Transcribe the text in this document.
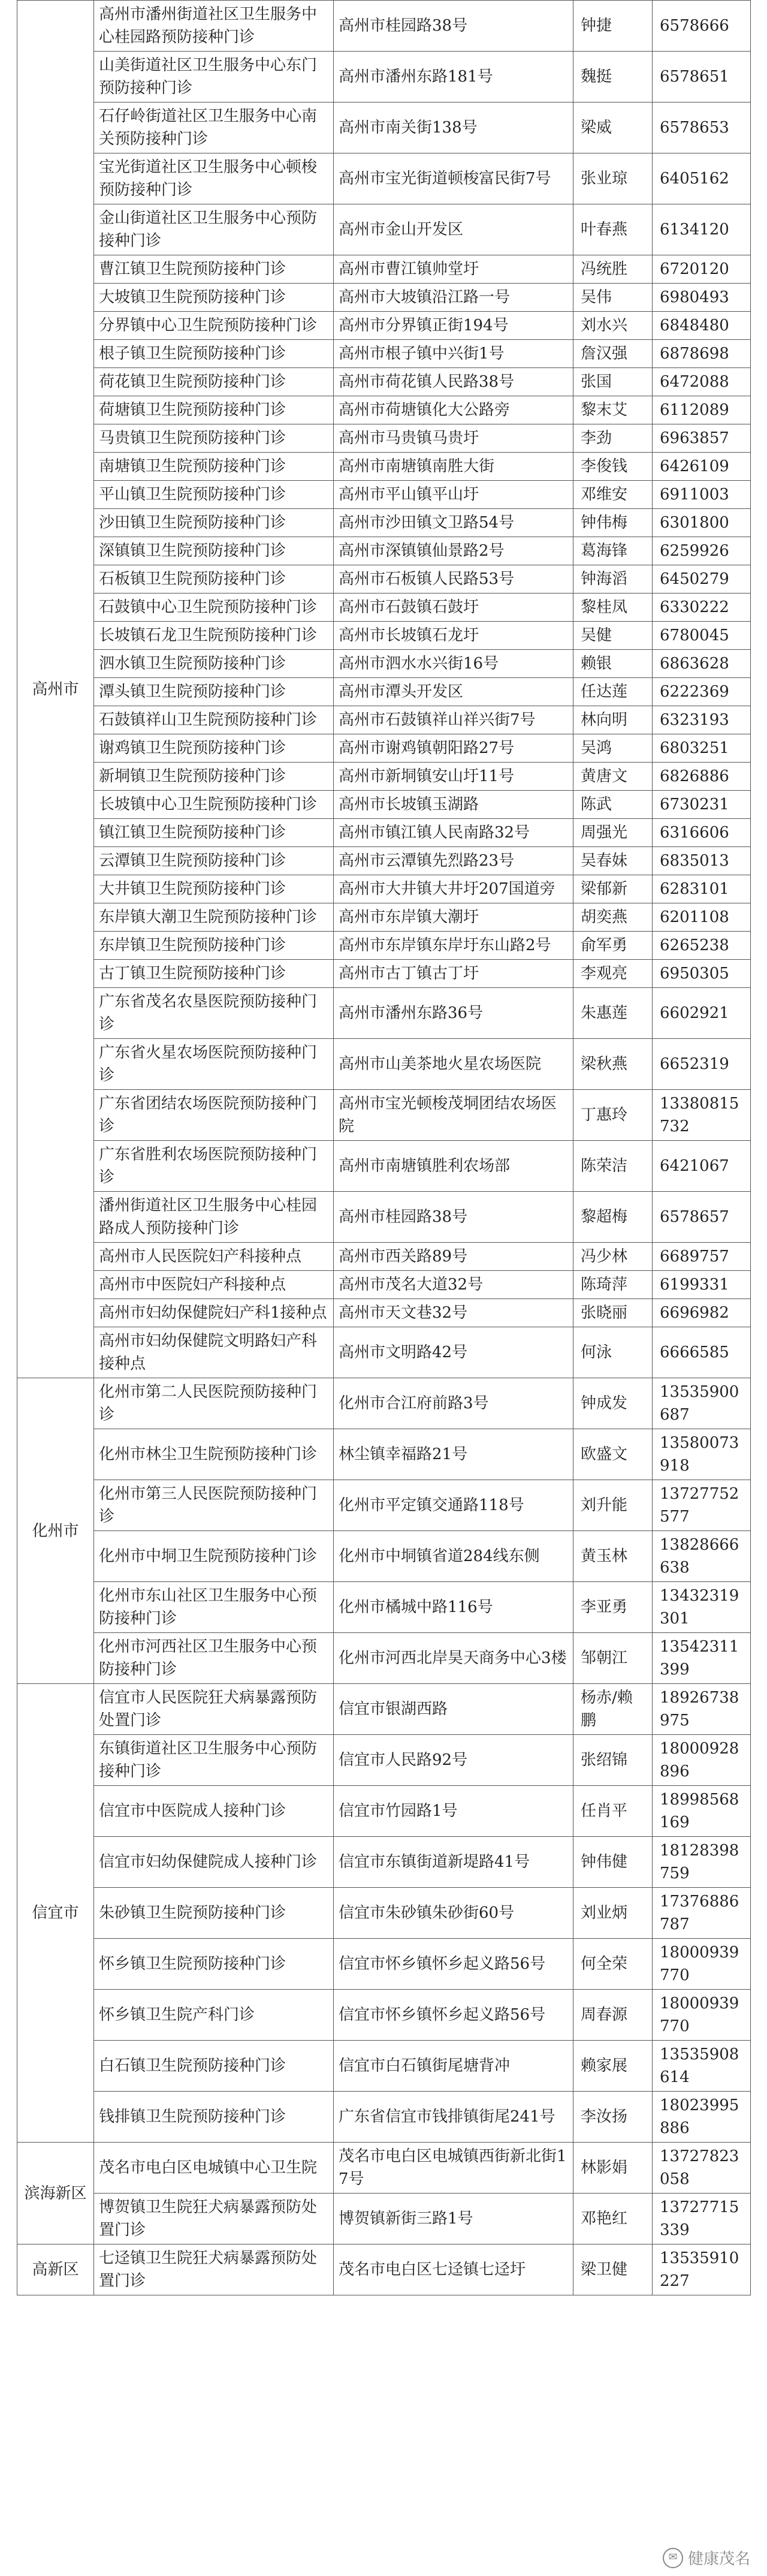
高州市	高州市潘州街道社区卫生服务中心桂园路预防接种门诊	高州市桂园路38号	钟捷	6578666
	山美街道社区卫生服务中心东门预防接种门诊	高州市潘州东路181号	魏挺	6578651
	石仔岭街道社区卫生服务中心南关预防接种门诊	高州市南关街138号	梁威	6578653
	宝光街道社区卫生服务中心顿梭预防接种门诊	高州市宝光街道顿梭富民街7号	张业琼	6405162
	金山街道社区卫生服务中心预防接种门诊	高州市金山开发区	叶春燕	6134120
	曹江镇卫生院预防接种门诊	高州市曹江镇帅堂圩	冯统胜	6720120
	大坡镇卫生院预防接种门诊	高州市大坡镇沿江路一号	吴伟	6980493
	分界镇中心卫生院预防接种门诊	高州市分界镇正街194号	刘水兴	6848480
	根子镇卫生院预防接种门诊	高州市根子镇中兴街1号	詹汉强	6878698
	荷花镇卫生院预防接种门诊	高州市荷花镇人民路38号	张国	6472088
	荷塘镇卫生院预防接种门诊	高州市荷塘镇化大公路旁	黎末艾	6112089
	马贵镇卫生院预防接种门诊	高州市马贵镇马贵圩	李劲	6963857
	南塘镇卫生院预防接种门诊	高州市南塘镇南胜大街	李俊钱	6426109
	平山镇卫生院预防接种门诊	高州市平山镇平山圩	邓维安	6911003
	沙田镇卫生院预防接种门诊	高州市沙田镇文卫路54号	钟伟梅	6301800
	深镇镇卫生院预防接种门诊	高州市深镇镇仙景路2号	葛海锋	6259926
	石板镇卫生院预防接种门诊	高州市石板镇人民路53号	钟海滔	6450279
	石鼓镇中心卫生院预防接种门诊	高州市石鼓镇石鼓圩	黎桂凤	6330222
	长坡镇石龙卫生院预防接种门诊	高州市长坡镇石龙圩	吴健	6780045
	泗水镇卫生院预防接种门诊	高州市泗水水兴街16号	赖银	6863628
	潭头镇卫生院预防接种门诊	高州市潭头开发区	任达莲	6222369
	石鼓镇祥山卫生院预防接种门诊	高州市石鼓镇祥山祥兴街7号	林向明	6323193
	谢鸡镇卫生院预防接种门诊	高州市谢鸡镇朝阳路27号	吴鸿	6803251
	新垌镇卫生院预防接种门诊	高州市新垌镇安山圩11号	黄唐文	6826886
	长坡镇中心卫生院预防接种门诊	高州市长坡镇玉湖路	陈武	6730231
	镇江镇卫生院预防接种门诊	高州市镇江镇人民南路32号	周强光	6316606
	云潭镇卫生院预防接种门诊	高州市云潭镇先烈路23号	吴春妹	6835013
	大井镇卫生院预防接种门诊	高州市大井镇大井圩207国道旁	梁郁新	6283101
	东岸镇大潮卫生院预防接种门诊	高州市东岸镇大潮圩	胡奕燕	6201108
	东岸镇卫生院预防接种门诊	高州市东岸镇东岸圩东山路2号	俞军勇	6265238
	古丁镇卫生院预防接种门诊	高州市古丁镇古丁圩	李观亮	6950305
	广东省茂名农垦医院预防接种门诊	高州市潘州东路36号	朱惠莲	6602921
	广东省火星农场医院预防接种门诊	高州市山美茶地火星农场医院	梁秋燕	6652319
	广东省团结农场医院预防接种门诊	高州市宝光顿梭茂垌团结农场医院	丁惠玲	13380815732
	广东省胜利农场医院预防接种门诊	高州市南塘镇胜利农场部	陈荣洁	6421067
	潘州街道社区卫生服务中心桂园路成人预防接种门诊	高州市桂园路38号	黎超梅	6578657
	高州市人民医院妇产科接种点	高州市西关路89号	冯少林	6689757
	高州市中医院妇产科接种点	高州市茂名大道32号	陈琦萍	6199331
	高州市妇幼保健院妇产科1接种点	高州市天文巷32号	张晓丽	6696982
	高州市妇幼保健院文明路妇产科接种点	高州市文明路42号	何泳	6666585
化州市	化州市第二人民医院预防接种门诊	化州市合江府前路3号	钟成发	13535900687
	化州市林尘卫生院预防接种门诊	林尘镇幸福路21号	欧盛文	13580073918
	化州市第三人民医院预防接种门诊	化州市平定镇交通路118号	刘升能	13727752577
	化州市中垌卫生院预防接种门诊	化州市中垌镇省道284线东侧	黄玉林	13828666638
	化州市东山社区卫生服务中心预防接种门诊	化州市橘城中路116号	李亚勇	13432319301
	化州市河西社区卫生服务中心预防接种门诊	化州市河西北岸昊天商务中心3楼	邹朝江	13542311399
信宜市	信宜市人民医院狂犬病暴露预防处置门诊	信宜市银湖西路	杨赤/赖鹏	18926738975
	东镇街道社区卫生服务中心预防接种门诊	信宜市人民路92号	张绍锦	18000928896
	信宜市中医院成人接种门诊	信宜市竹园路1号	任肖平	18998568169
	信宜市妇幼保健院成人接种门诊	信宜市东镇街道新堤路41号	钟伟健	18128398759
	朱砂镇卫生院预防接种门诊	信宜市朱砂镇朱砂街60号	刘业炳	17376886787
	怀乡镇卫生院预防接种门诊	信宜市怀乡镇怀乡起义路56号	何全荣	18000939770
	怀乡镇卫生院产科门诊	信宜市怀乡镇怀乡起义路56号	周春源	18000939770
	白石镇卫生院预防接种门诊	信宜市白石镇街尾塘背冲	赖家展	13535908614
	钱排镇卫生院预防接种门诊	广东省信宜市钱排镇街尾241号	李汝扬	18023995886
滨海新区	茂名市电白区电城镇中心卫生院	茂名市电白区电城镇西街新北街17号	林影娟	13727823058
	博贺镇卫生院狂犬病暴露预防处置门诊	博贺镇新街三路1号	邓艳红	13727715339
高新区	七迳镇卫生院狂犬病暴露预防处置门诊	茂名市电白区七迳镇七迳圩	梁卫健	13535910227
✉ 健康茂名
